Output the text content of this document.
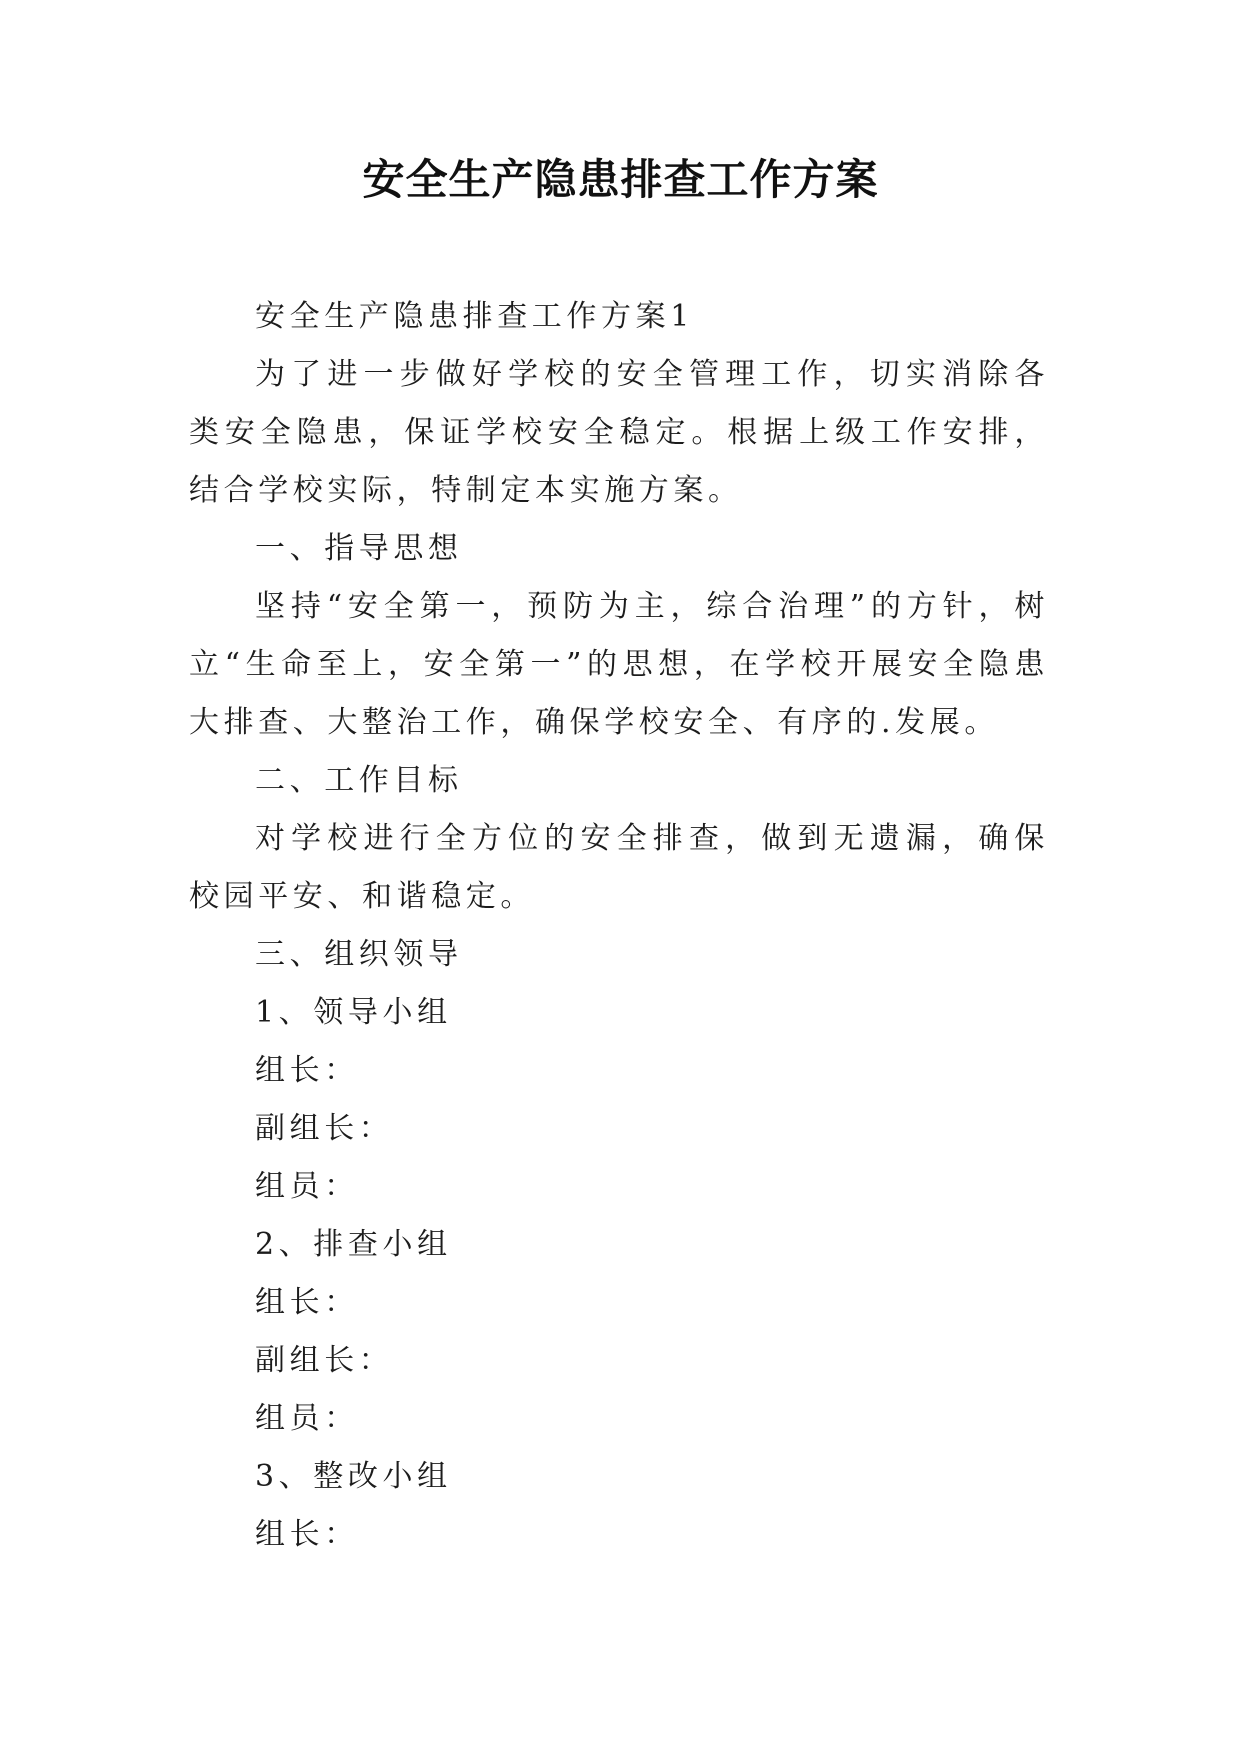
安全生产隐患排查工作方案

安全生产隐患排查工作方案1

为了进一步做好学校的安全管理工作，切实消除各类安全隐患，保证学校安全稳定。根据上级工作安排，结合学校实际，特制定本实施方案。

一、指导思想

坚持“安全第一，预防为主，综合治理”的方针，树立“生命至上，安全第一”的思想，在学校开展安全隐患大排查、大整治工作，确保学校安全、有序的.发展。

二、工作目标

对学校进行全方位的安全排查，做到无遗漏，确保校园平安、和谐稳定。

三、组织领导

1、领导小组

组长：

副组长：

组员：

2、排查小组

组长：

副组长：

组员：

3、整改小组

组长：
